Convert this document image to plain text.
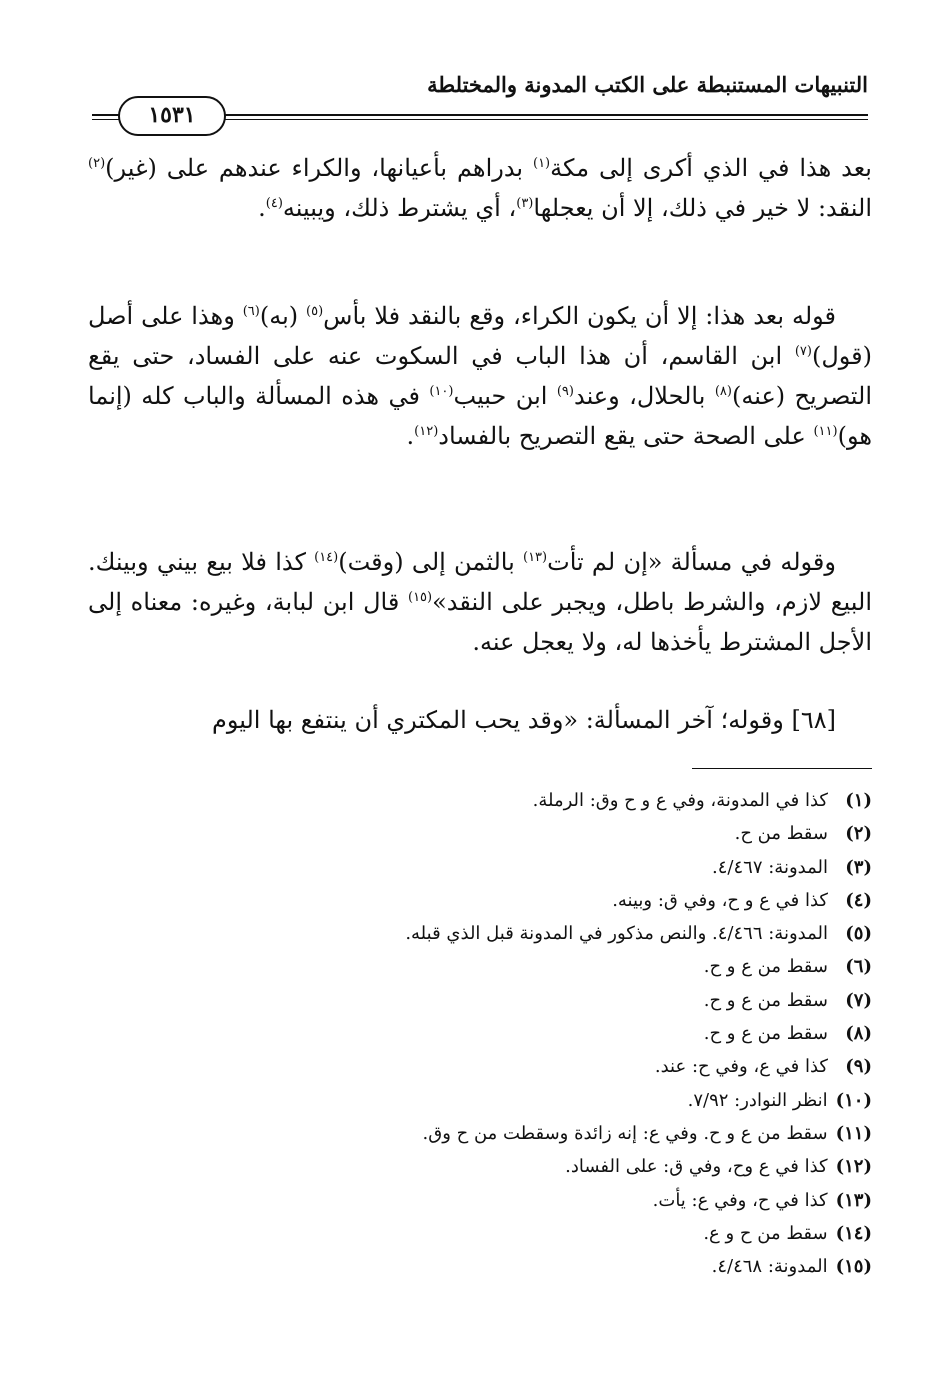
التنبيهات المستنبطة على الكتب المدونة والمختلطة
١٥٣١

بعد هذا في الذي أكرى إلى مكة$^{(١)}$ بدراهم بأعيانها، والكراء عندهم على (غير)$^{(٢)}$ النقد: لا خير في ذلك، إلا أن يعجلها$^{(٣)}$، أي يشترط ذلك، ويبينه$^{(٤)}$.

قوله بعد هذا: إلا أن يكون الكراء، وقع بالنقد فلا بأس$^{(٥)}$ (به)$^{(٦)}$ وهذا على أصل (قول)$^{(٧)}$ ابن القاسم، أن هذا الباب في السكوت عنه على الفساد، حتى يقع التصريح (عنه)$^{(٨)}$ بالحلال، وعند$^{(٩)}$ ابن حبيب$^{(١٠)}$ في هذه المسألة والباب كله (إنما هو)$^{(١١)}$ على الصحة حتى يقع التصريح بالفساد$^{(١٢)}$.

وقوله في مسألة «إن لم تأت$^{(١٣)}$ بالثمن إلى (وقت)$^{(١٤)}$ كذا فلا بيع بيني وبينك. البيع لازم، والشرط باطل، ويجبر على النقد»$^{(١٥)}$ قال ابن لبابة، وغيره: معناه إلى الأجل المشترط يأخذها له، ولا يعجل عنه.

[٦٨] وقوله؛ آخر المسألة: «وقد يحب المكتري أن ينتفع بها اليوم

(١)كذا في المدونة، وفي ع و ح وق: الرملة.
(٢)سقط من ح.
(٣)المدونة: ٤/٤٦٧.
(٤)كذا في ع و ح، وفي ق: وبينه.
(٥)المدونة: ٤/٤٦٦. والنص مذكور في المدونة قبل الذي قبله.
(٦)سقط من ع و ح.
(٧)سقط من ع و ح.
(٨)سقط من ع و ح.
(٩)كذا في ع، وفي ح: عند.
(١٠)انظر النوادر: ٧/٩٢.
(١١)سقط من ع و ح. وفي ع: إنه زائدة وسقطت من ح وق.
(١٢)كذا في ع وح، وفي ق: على الفساد.
(١٣)كذا في ح، وفي ع: يأت.
(١٤)سقط من ح و ع.
(١٥)المدونة: ٤/٤٦٨.
